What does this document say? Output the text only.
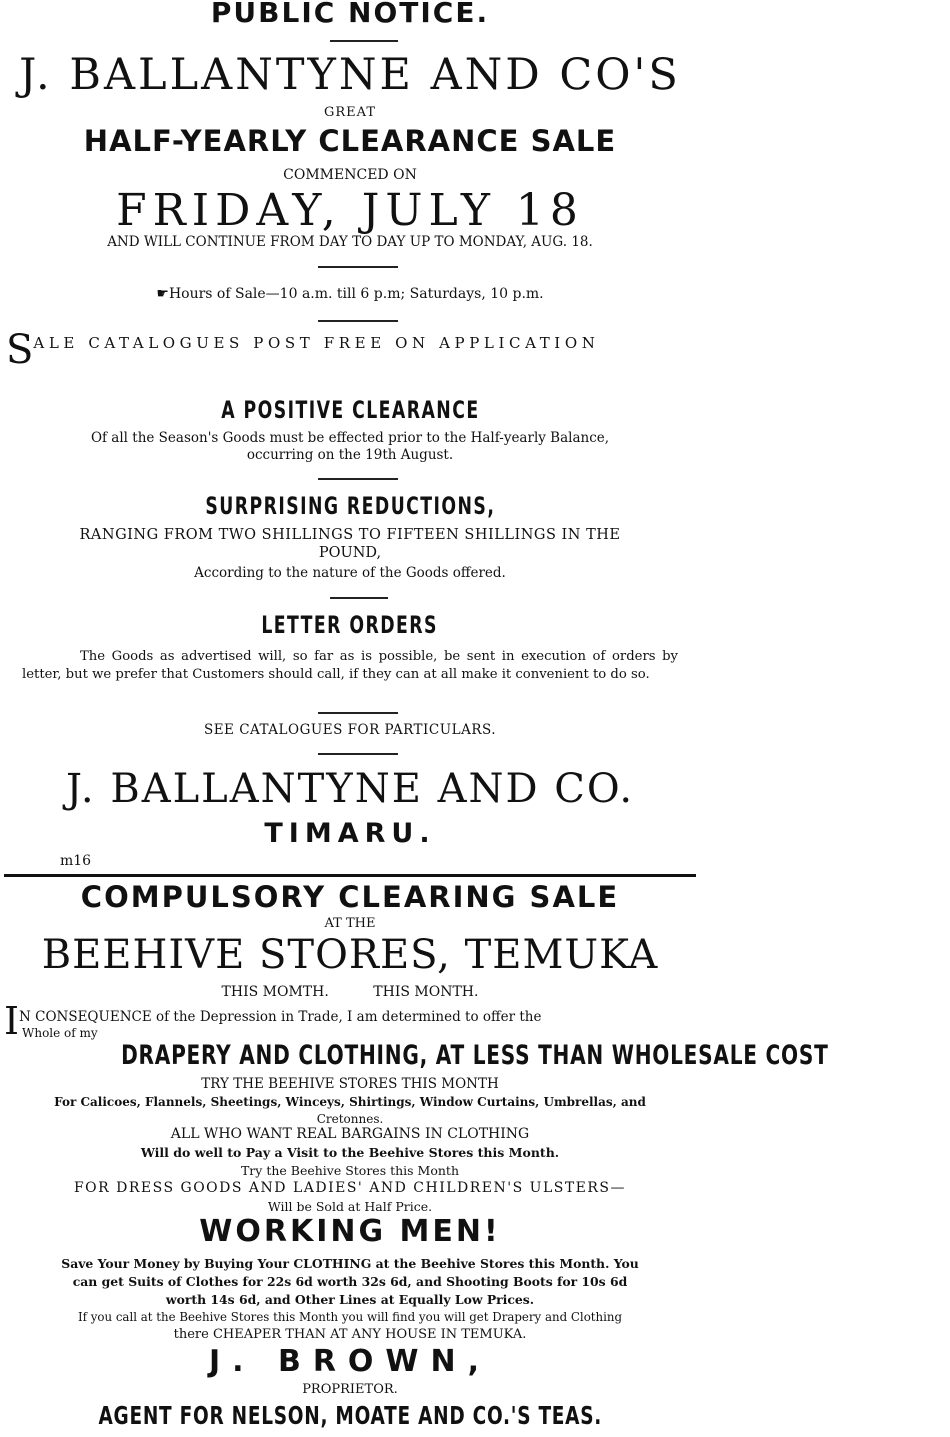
PUBLIC NOTICE.
J. BALLANTYNE AND CO'S
GREAT
HALF-YEARLY CLEARANCE SALE
COMMENCED ON
FRIDAY, JULY 18
AND WILL CONTINUE FROM DAY TO DAY UP TO MONDAY, AUG. 18.
☛Hours of Sale—10 a.m. till 6 p.m; Saturdays, 10 p.m.
SALE CATALOGUES POST FREE ON APPLICATION
A POSITIVE CLEARANCE
Of all the Season's Goods must be effected prior to the Half-yearly Balance,
occurring on the 19th August.
SURPRISING REDUCTIONS,
RANGING FROM TWO SHILLINGS TO FIFTEEN SHILLINGS IN THE
POUND,
According to the nature of the Goods offered.
LETTER ORDERS
The Goods as advertised will, so far as is possible, be sent in execution of orders by letter, but we prefer that Customers should call, if they can at all make it convenient to do so.
SEE CATALOGUES FOR PARTICULARS.
J. BALLANTYNE AND CO.
TIMARU.
m16
COMPULSORY CLEARING SALE
AT THE
BEEHIVE STORES, TEMUKA
THIS MOMTH.          THIS MONTH.
$I^{N CONSEQUENCE of the Depression in Trade, I am determined to offer the}$
Whole of my
DRAPERY AND CLOTHING, AT LESS THAN WHOLESALE COST
TRY THE BEEHIVE STORES THIS MONTH
For Calicoes, Flannels, Sheetings, Winceys, Shirtings, Window Curtains, Umbrellas, and
Cretonnes.
ALL WHO WANT REAL BARGAINS IN CLOTHING
Will do well to Pay a Visit to the Beehive Stores this Month.
Try the Beehive Stores this Month
FOR DRESS GOODS AND LADIES' AND CHILDREN'S ULSTERS—
Will be Sold at Half Price.
WORKING MEN!
Save Your Money by Buying Your CLOTHING at the Beehive Stores this Month. You
can get Suits of Clothes for 22s 6d worth 32s 6d, and Shooting Boots for 10s 6d
worth 14s 6d, and Other Lines at Equally Low Prices.
If you call at the Beehive Stores this Month you will find you will get Drapery and Clothing
there CHEAPER THAN AT ANY HOUSE IN TEMUKA.
J. BROWN,
PROPRIETOR.
AGENT FOR NELSON, MOATE AND CO.'S TEAS.
